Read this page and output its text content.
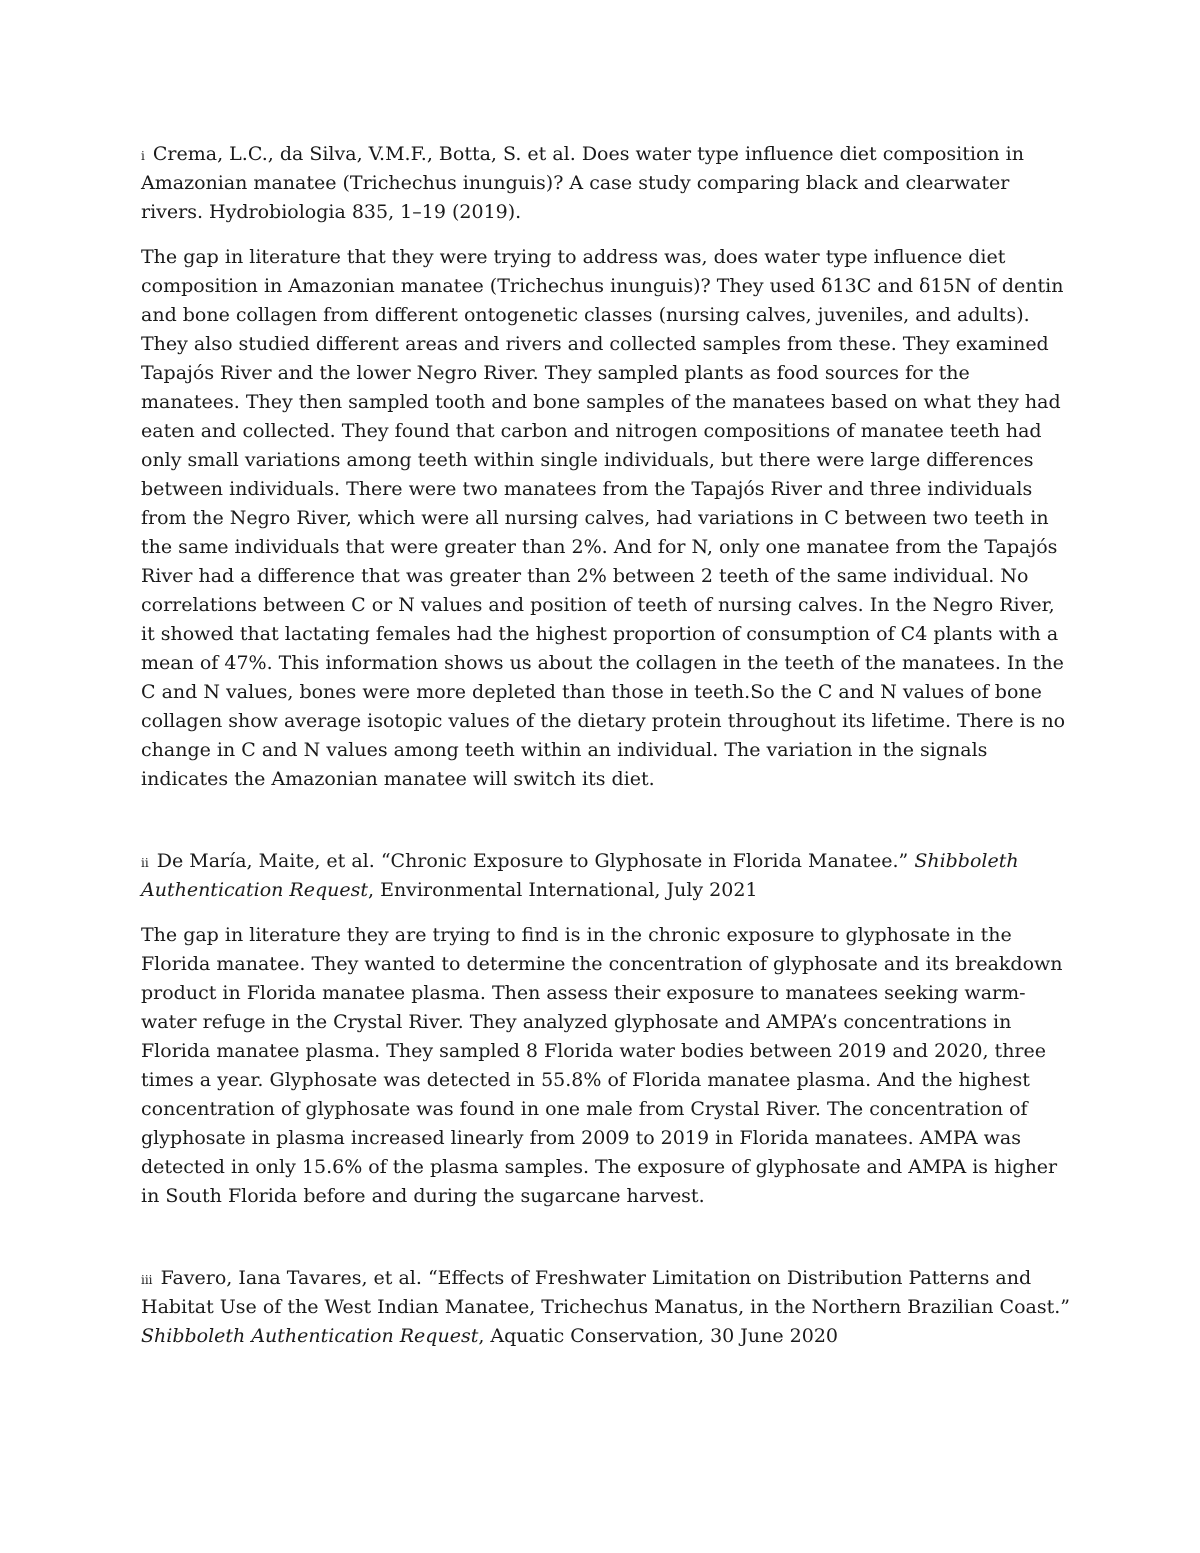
$^i$ Crema, L.C., da Silva, V.M.F., Botta, S. et al. Does water type influence diet composition in Amazonian manatee (Trichechus inunguis)? A case study comparing black and clearwater rivers. Hydrobiologia 835, 1–19 (2019).

The gap in literature that they were trying to address was, does water type influence diet composition in Amazonian manatee (Trichechus inunguis)? They used δ13C and δ15N of dentin and bone collagen from different ontogenetic classes (nursing calves, juveniles, and adults). They also studied different areas and rivers and collected samples from these. They examined Tapajós River and the lower Negro River. They sampled plants as food sources for the manatees. They then sampled tooth and bone samples of the manatees based on what they had eaten and collected. They found that carbon and nitrogen compositions of manatee teeth had only small variations among teeth within single individuals, but there were large differences between individuals. There were two manatees from the Tapajós River and three individuals from the Negro River, which were all nursing calves, had variations in C between two teeth in the same individuals that were greater than 2%. And for N, only one manatee from the Tapajós River had a difference that was greater than 2% between 2 teeth of the same individual. No correlations between C or N values and position of teeth of nursing calves. In the Negro River, it showed that lactating females had the highest proportion of consumption of C4 plants with a mean of 47%. This information shows us about the collagen in the teeth of the manatees. In the C and N values, bones were more depleted than those in teeth.So the C and N values of bone collagen show average isotopic values of the dietary protein throughout its lifetime. There is no change in C and N values among teeth within an individual. The variation in the signals indicates the Amazonian manatee will switch its diet.

$^{ii}$ De María, Maite, et al. “Chronic Exposure to Glyphosate in Florida Manatee.” Shibboleth Authentication Request, Environmental International, July 2021

The gap in literature they are trying to find is in the chronic exposure to glyphosate in the Florida manatee. They wanted to determine the concentration of glyphosate and its breakdown product in Florida manatee plasma. Then assess their exposure to manatees seeking warm-water refuge in the Crystal River. They analyzed glyphosate and AMPA’s concentrations in Florida manatee plasma. They sampled 8 Florida water bodies between 2019 and 2020, three times a year. Glyphosate was detected in 55.8% of Florida manatee plasma. And the highest concentration of glyphosate was found in one male from Crystal River. The concentration of glyphosate in plasma increased linearly from 2009 to 2019 in Florida manatees. AMPA was detected in only 15.6% of the plasma samples. The exposure of glyphosate and AMPA is higher in South Florida before and during the sugarcane harvest.

$^{iii}$ Favero, Iana Tavares, et al. “Effects of Freshwater Limitation on Distribution Patterns and Habitat Use of the West Indian Manatee, Trichechus Manatus, in the Northern Brazilian Coast.” Shibboleth Authentication Request, Aquatic Conservation, 30 June 2020
